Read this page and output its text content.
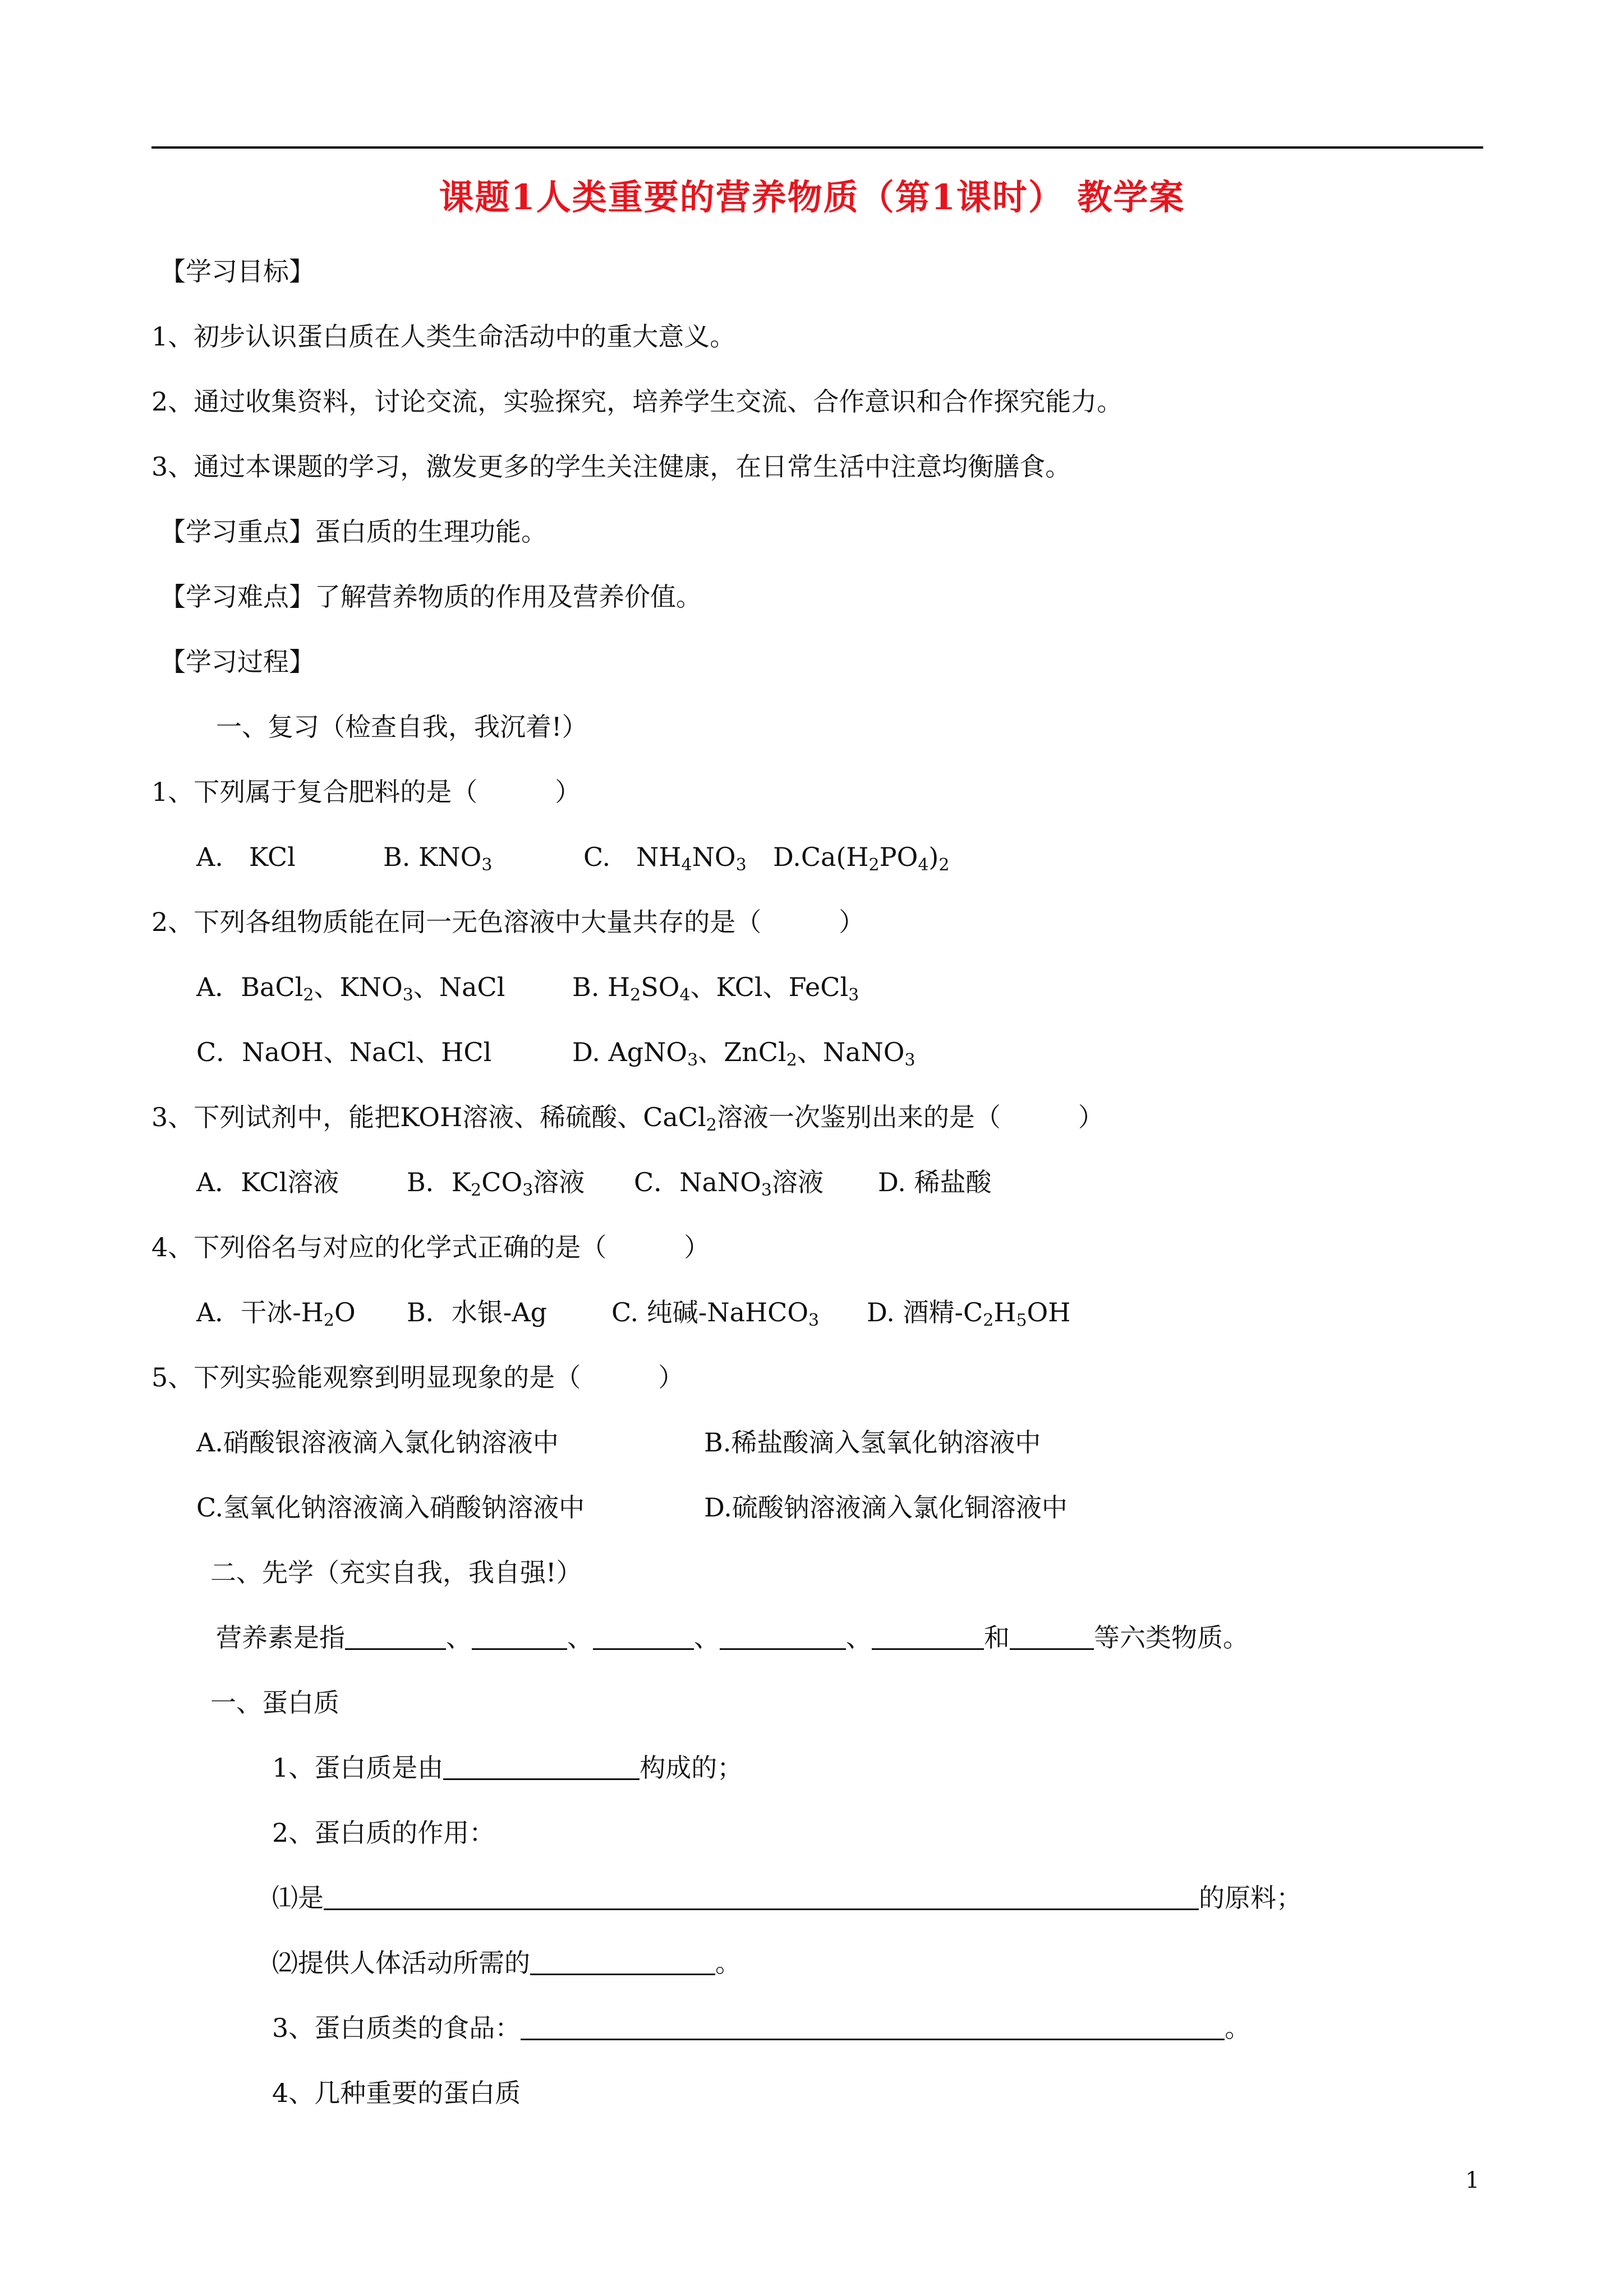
课题1人类重要的营养物质（第1课时） 教学案
【学习目标】
1、初步认识蛋白质在人类生命活动中的重大意义。
2、通过收集资料，讨论交流，实验探究，培养学生交流、合作意识和合作探究能力。
3、通过本课题的学习，激发更多的学生关注健康，在日常生活中注意均衡膳食。
【学习重点】蛋白质的生理功能。
【学习难点】了解营养物质的作用及营养价值。
【学习过程】
一、复习（检查自我，我沉着!）
1、下列属于复合肥料的是（　　　）
A.　KCl	B. $KNO_3$	C.　$NH_4NO_3$ $D.Ca(H_2PO_4)_2$
2、下列各组物质能在同一无色溶液中大量共存的是（　　　）
A．BaCl$_2$、$KNO_3$、NaCl	B. $H_2SO_4$、KCl、FeCl$_3$
C．NaOH、NaCl、HCl	D. AgNO$_3$、ZnCl$_2$、NaNO$_3$
3、下列试剂中，能把KOH溶液、稀硫酸、CaCl$_2$溶液一次鉴别出来的是（　　　）
A．KCl溶液	B．$K_2CO_3$溶液 C．NaNO$_3$溶液 D. 稀盐酸
4、下列俗名与对应的化学式正确的是（　　　）
A．干冰$-H_2O$ B．水银-Ag C. 纯碱-NaHCO$_3$ D. 酒精$-C_2H_5OH$
5、下列实验能观察到明显现象的是（　　　）
A.硝酸银溶液滴入氯化钠溶液中	B.稀盐酸滴入氢氧化钠溶液中
C.氢氧化钠溶液滴入硝酸钠溶液中	D.硫酸钠溶液滴入氯化铜溶液中
二、先学（充实自我，我自强!）
营养素是指	、	、	、	、	和	等六类物质。
一、蛋白质
1、蛋白质是由	构成的；
2、蛋白质的作用：
⑴是	的原料；
⑵提供人体活动所需的	。
3、蛋白质类的食品：	。
4、几种重要的蛋白质
1
